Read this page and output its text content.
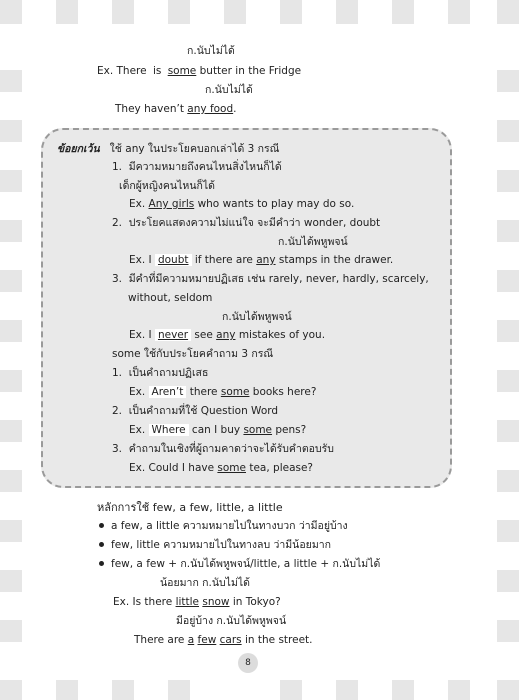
ก.นับไม่ได้
Ex. There is some butter in the Fridge
ก.นับไม่ได้
They haven’t any food.
ข้อยกเว้น ใช้ any ในประโยคบอกเล่าได้ 3 กรณี
1. มีความหมายถึงคนไหนสิ่งไหนก็ได้
เด็กผู้หญิงคนไหนก็ได้
Ex. Any girls who wants to play may do so.
2. ประโยคแสดงความไม่แน่ใจ จะมีคำว่า wonder, doubt
ก.นับได้พหูพจน์
Ex. I doubt if there are any stamps in the drawer.
3. มีคำที่มีความหมายปฏิเสธ เช่น rarely, never, hardly, scarcely,
without, seldom
ก.นับได้พหูพจน์
Ex. I never see any mistakes of you.
some ใช้กับประโยคคำถาม 3 กรณี
1. เป็นคำถามปฏิเสธ
Ex. Aren’t there some books here?
2. เป็นคำถามที่ใช้ Question Word
Ex. Where can I buy some pens?
3. คำถามในเชิงที่ผู้ถามคาดว่าจะได้รับคำตอบรับ
Ex. Could I have some tea, please?
หลักการใช้ few, a few, little, a little
a few, a little ความหมายไปในทางบวก ว่ามีอยู่บ้าง
few, little ความหมายไปในทางลบ ว่ามีน้อยมาก
few, a few + ก.นับได้พหูพจน์/little, a little + ก.นับไม่ได้
น้อยมาก ก.นับไม่ได้
Ex. Is there little snow in Tokyo?
มีอยู่บ้าง ก.นับได้พหูพจน์
There are a few cars in the street.
8
